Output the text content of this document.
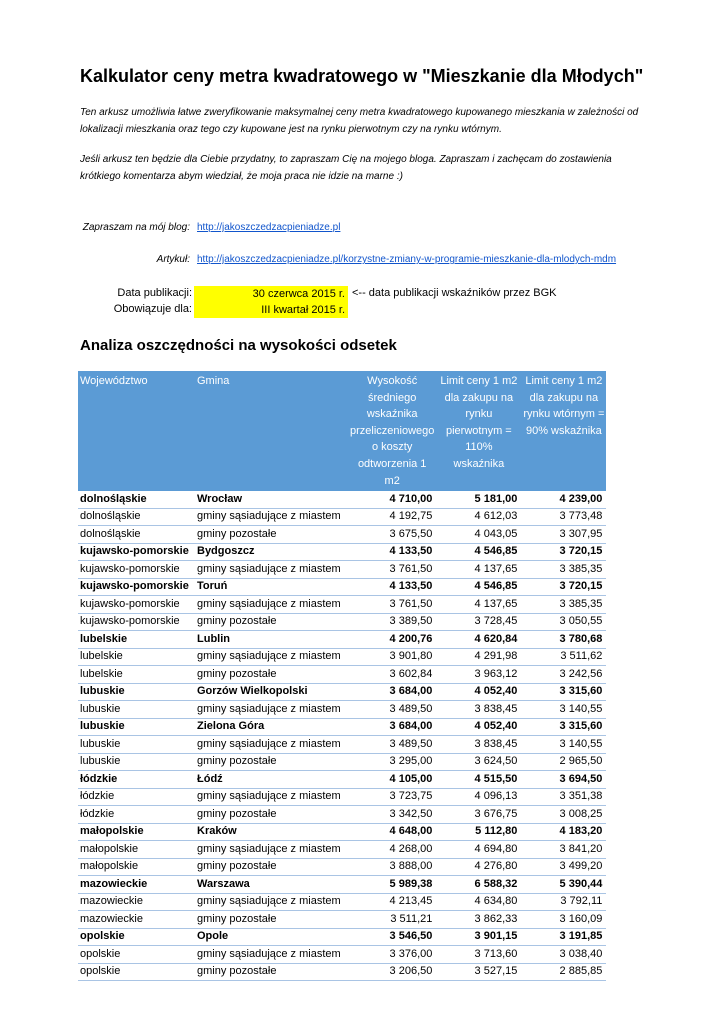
Kalkulator ceny metra kwadratowego w "Mieszkanie dla Młodych"
Ten arkusz umożliwia łatwe zweryfikowanie maksymalnej ceny metra kwadratowego kupowanego mieszkania w zależności od lokalizacji mieszkania oraz tego czy kupowane jest na rynku pierwotnym czy na rynku wtórnym.
Jeśli arkusz ten będzie dla Ciebie przydatny, to zapraszam Cię na mojego bloga. Zapraszam i zachęcam do zostawienia krótkiego komentarza abym wiedział, że moja praca nie idzie na marne :)
Zapraszam na mój blog: http://jakoszczedzacpieniadze.pl
Artykuł: http://jakoszczedzacpieniadze.pl/korzystne-zmiany-w-programie-mieszkanie-dla-mlodych-mdm
Data publikacji:	30 czerwca 2015 r. <-- data publikacji wskaźników przez BGK
Obowiązuje dla:	III kwartał 2015 r.
Analiza oszczędności na wysokości odsetek
Województwo	Gmina	Wysokość średniego wskaźnika przeliczeniowego o koszty odtworzenia 1 m2	Limit ceny 1 m2 dla zakupu na rynku pierwotnym = 110% wskaźnika	Limit ceny 1 m2 dla zakupu na rynku wtórnym = 90% wskaźnika
dolnośląskie	Wrocław	4 710,00	5 181,00	4 239,00
dolnośląskie	gminy sąsiadujące z miastem	4 192,75	4 612,03	3 773,48
dolnośląskie	gminy pozostałe	3 675,50	4 043,05	3 307,95
kujawsko-pomorskie	Bydgoszcz	4 133,50	4 546,85	3 720,15
kujawsko-pomorskie	gminy sąsiadujące z miastem	3 761,50	4 137,65	3 385,35
kujawsko-pomorskie	Toruń	4 133,50	4 546,85	3 720,15
kujawsko-pomorskie	gminy sąsiadujące z miastem	3 761,50	4 137,65	3 385,35
kujawsko-pomorskie	gminy pozostałe	3 389,50	3 728,45	3 050,55
lubelskie	Lublin	4 200,76	4 620,84	3 780,68
lubelskie	gminy sąsiadujące z miastem	3 901,80	4 291,98	3 511,62
lubelskie	gminy pozostałe	3 602,84	3 963,12	3 242,56
lubuskie	Gorzów Wielkopolski	3 684,00	4 052,40	3 315,60
lubuskie	gminy sąsiadujące z miastem	3 489,50	3 838,45	3 140,55
lubuskie	Zielona Góra	3 684,00	4 052,40	3 315,60
lubuskie	gminy sąsiadujące z miastem	3 489,50	3 838,45	3 140,55
lubuskie	gminy pozostałe	3 295,00	3 624,50	2 965,50
łódzkie	Łódź	4 105,00	4 515,50	3 694,50
łódzkie	gminy sąsiadujące z miastem	3 723,75	4 096,13	3 351,38
łódzkie	gminy pozostałe	3 342,50	3 676,75	3 008,25
małopolskie	Kraków	4 648,00	5 112,80	4 183,20
małopolskie	gminy sąsiadujące z miastem	4 268,00	4 694,80	3 841,20
małopolskie	gminy pozostałe	3 888,00	4 276,80	3 499,20
mazowieckie	Warszawa	5 989,38	6 588,32	5 390,44
mazowieckie	gminy sąsiadujące z miastem	4 213,45	4 634,80	3 792,11
mazowieckie	gminy pozostałe	3 511,21	3 862,33	3 160,09
opolskie	Opole	3 546,50	3 901,15	3 191,85
opolskie	gminy sąsiadujące z miastem	3 376,00	3 713,60	3 038,40
opolskie	gminy pozostałe	3 206,50	3 527,15	2 885,85
